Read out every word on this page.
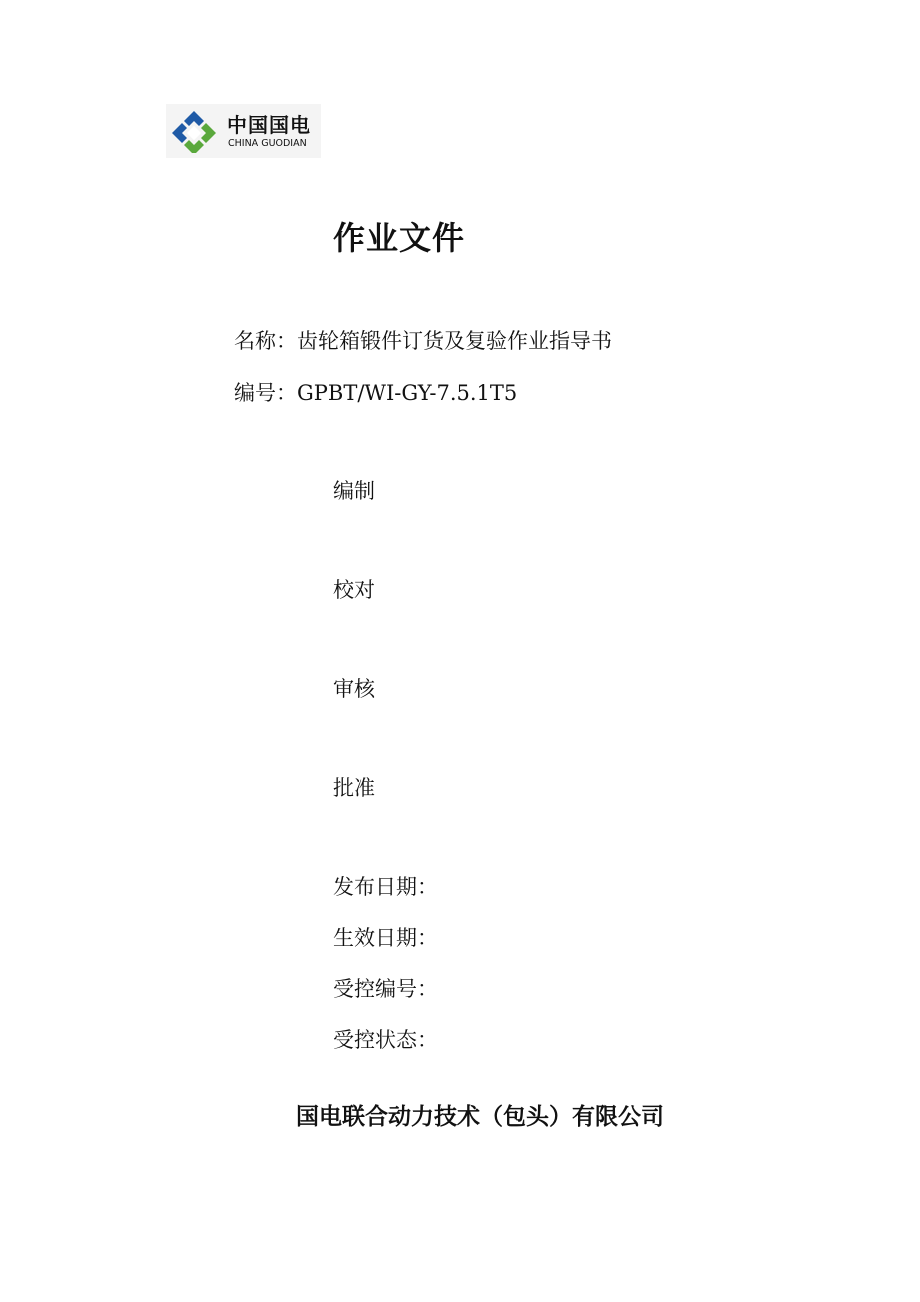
中国国电
CHINA GUODIAN
作业文件
名称：齿轮箱锻件订货及复验作业指导书
编号：GPBT/WI-GY-7.5.1T5
编制
校对
审核
批准
发布日期：
生效日期：
受控编号：
受控状态：
国电联合动力技术（包头）有限公司
